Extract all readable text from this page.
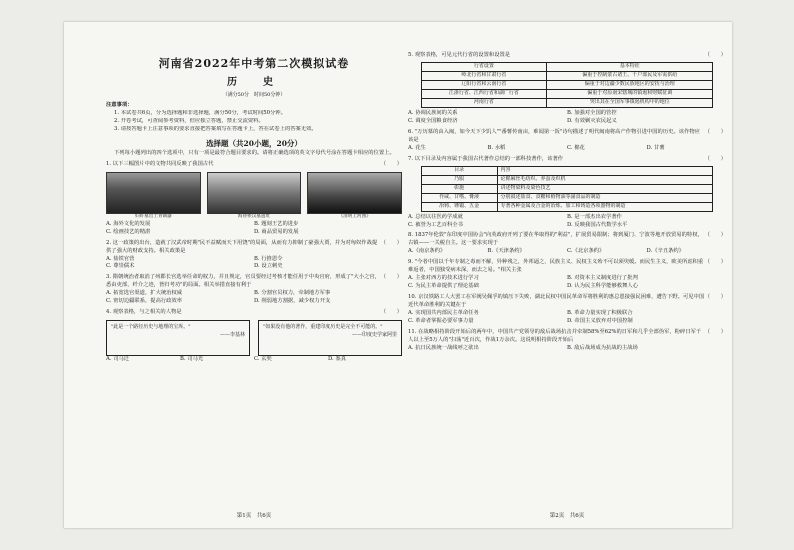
河南省2022年中考第二次模拟试卷
历　史
（满分50分　时间50分钟）
注意事项：
1. 本试卷共6页，分为选择题和非选择题，满分50分，考试时间50分钟。
2. 开卷考试，可查阅参考资料，但应独立答题，禁止交流资料。
3. 请按答题卡上注意事项的要求直接把答案填写在答题卡上，答在试卷上的答案无效。
选择题（共20小题，20分）
下列每小题列出的四个选项中，只有一项是最符合题目要求的。请将正确选项的英文字母代号涂在答题卡相应的位置上。
（　　）
1. 以下三幅图片中的文物共同反映了我国古代
妇好墓出土青铜器	海昏侯汉墓遗址	《清明上河图》
A. 海外文化的发展	B. 题刻王艺的进步
C. 绘画技艺的精湛	D. 商品贸易的发展
（　　）
2. 这一政策的出台，造就了汉武帝时期"民不益赋而天下用饶"的局面，从而有力抑制了豪强大贾，并为对匈奴作战提供了强大的财政支持。相关政策是
A. 盐铁官营	B. 行推恩令
C. 尊崇儒术	D. 设立刺史
（　　）
3. 隋朝统治者取消了州郡长官选举任命的权力，并且规定，官员要经过考核才能任用于中央官府，形成了"大小之官，悉由吏部，纤介之迹，皆归考功"的局面。相关举措直接有利于
A. 拓宽选官渠道，扩大统治权威	B. 分割官员权力，牵制地方军事
C. 密切边疆联系，提高行政效率	D. 削弱地方割据，减少权力开支
（　　）
4. 观察表格，与之相关的人物是
"此是一个路径历史与地理的宝库。"
——李基林
"如果没有他的著作，重建印度历史是完全不可能的。"
——印度史学家阿里
A. 司马迁	B. 司马光	C. 玄奘	D. 鉴真
第1页　共6页
（　　）
5. 观察表格，可见元代行省的设置和设置是
行省设置	基本特征
岭北行省和甘肃行省	偏重于控制蒙古诸王、千户部民及军需供给
辽阳行省和云南行省	偏重于对边疆少数民族地区的安抚与治理
江浙行省、江西行省和湖广行省	偏重于对原南宋辖城的镇遏和财赋征调
河南行省	突出其在全国军事镇遏机构中的地位
A. 协调民族间的关系	B. 加强对全国的管控
C. 调度全国粮食经济	D. 有效剿灭农民起义
（　　）
6. "万历慕的由入闽，如今天下少饥人""番薯传南亩，难闻第一饭"诗句描述了明代闽南将高产作物引进中国的历史。该作物应该是
A. 花生	B. 水稻	C. 棉花	D. 甘薯
（　　）
7. 以下目录及内容属于我国古代著作总结的一部科技著作，该著作
目录	内容
乃服	论棉麻丝毛纺织、养蚕及织机
彰施	讲述物染料及染色技艺
作咸、甘嗜、膏液	分别叙述盐食、食糖和植物油等副食品的制造
冶铸、锤锻、五金	专著各种金属及合金的冶炼、加工和铸造各项器物的制造
A. 总结以往医药学成就	B. 是一部杰出农学著作
C. 被誉为工艺百科全书	D. 反映我国古代数学水平
（　　）
8. 1837年伦敦"东印度中国协会"向英政府开列了要在华取得的"利益"，扩展贸易限制；将到厦门、宁波等地开放贸易的特权，古镇——一关税自主。这一要求实现于
A.《南京条约》	B.《天津条约》	C.《北京条约》	D.《辛丑条约》
（　　）
9. "今者中国以千年专制之毒而不解，异种残之，外邦逼之，民族主义、民权主义殆不可以须臾缓。而民生主义，欧美所虑积重难返者，中国独受病未深，而去之易。"相关主张
A. 主张对西方的技术进行学习	B. 对资本主义制度进行了批判
C. 为民主革命提供了理论基础	D. 认为民主科学能够救舞人心
（　　）
10. 京汉铁路工人大罢工在军阀吴佩孚的镇压下失败，湖北民权中国民革命军将胜利的惠总恩接强民困难，遭告下野。可见中国近代革命胜利的关键在于
A. 实现国共内部民主革命任务	B. 革命力量实现了积极联合
C. 革命者掌握必要军事力量	D. 帝国主义放弃对中国控制
（　　）
11. 在战略相持阶段开始后的两年中，中国共产党领导的敌后战场抗击并牵制58%至62%的日军和几乎全部伪军，粉碎日军千人以上至5万人的"扫荡"近百次，作战1万余次。这说明相持阶段开始后
A. 抗日民族统一战线呼之欲出	B. 敌后战场成为抗战的主战场
第2页　共6页
